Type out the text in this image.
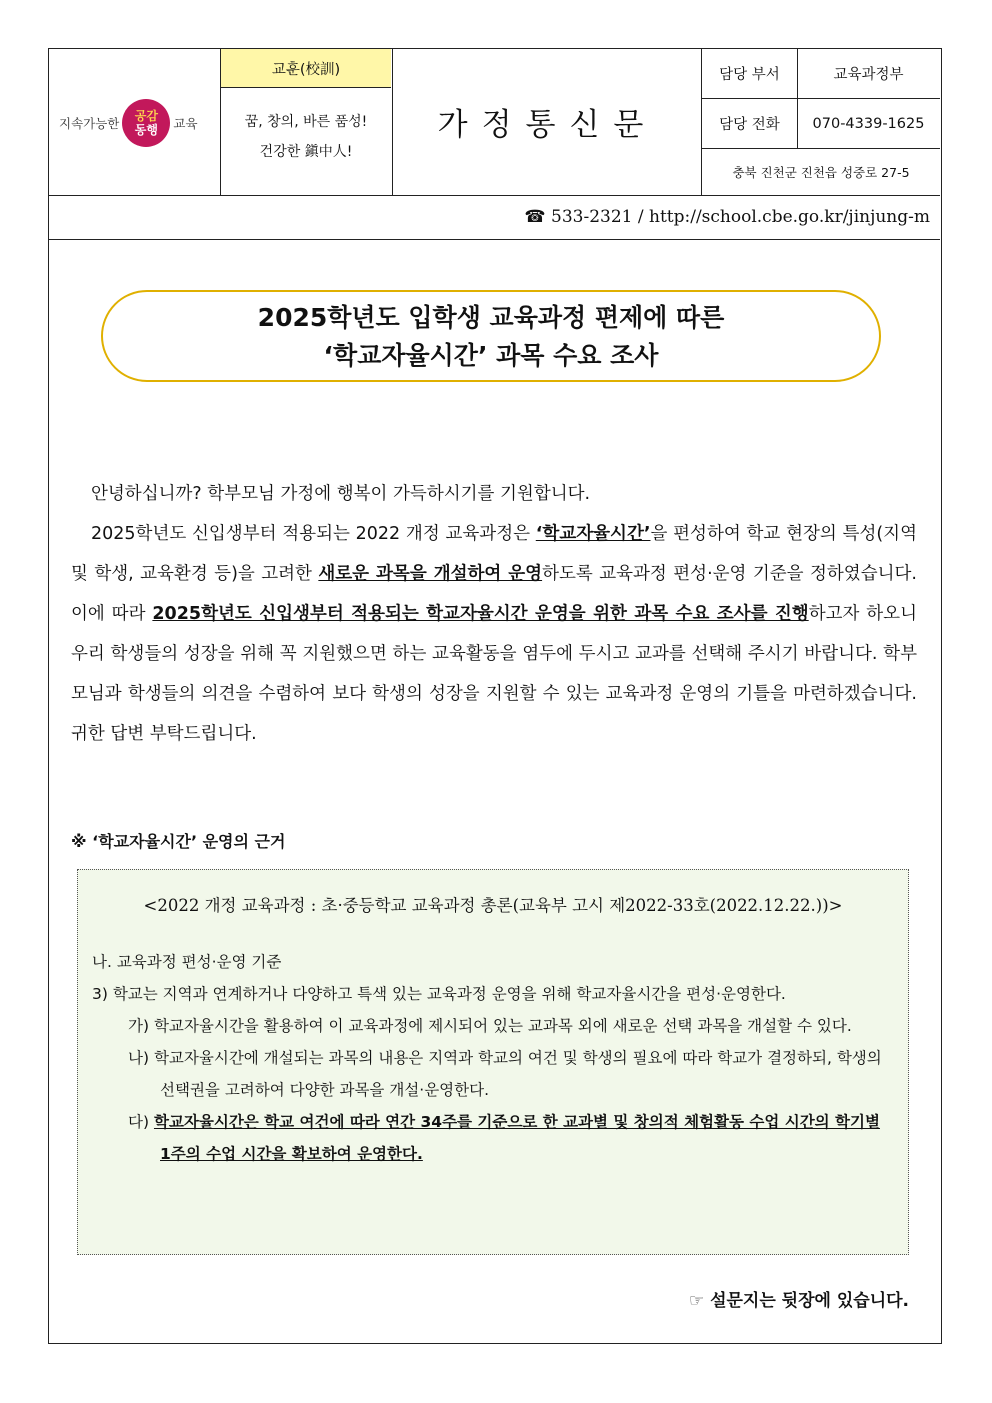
지속가능한 공감
동행 교육
교훈(校訓)
꿈, 창의, 바른 품성!
건강한 鎭中人!
가정통신문
담당 부서	교육과정부
담당 전화	070-4339-1625
충북 진천군 진천읍 성중로 27-5
☎ 533-2321 / http://school.cbe.go.kr/jinjung-m
2025학년도 입학생 교육과정 편제에 따른
‘학교자율시간’ 과목 수요 조사

안녕하십니까? 학부모님 가정에 행복이 가득하시기를 기원합니다.

2025학년도 신입생부터 적용되는 2022 개정 교육과정은 ‘학교자율시간’을 편성하여 학교 현장의 특성(지역 및 학생, 교육환경 등)을 고려한 새로운 과목을 개설하여 운영하도록 교육과정 편성·운영 기준을 정하였습니다. 이에 따라 2025학년도 신입생부터 적용되는 학교자율시간 운영을 위한 과목 수요 조사를 진행하고자 하오니 우리 학생들의 성장을 위해 꼭 지원했으면 하는 교육활동을 염두에 두시고 교과를 선택해 주시기 바랍니다. 학부모님과 학생들의 의견을 수렴하여 보다 학생의 성장을 지원할 수 있는 교육과정 운영의 기틀을 마련하겠습니다. 귀한 답변 부탁드립니다.

※ ‘학교자율시간’ 운영의 근거
<2022 개정 교육과정 : 초·중등학교 교육과정 총론(교육부 고시 제2022-33호(2022.12.22.))>
나. 교육과정 편성·운영 기준
3) 학교는 지역과 연계하거나 다양하고 특색 있는 교육과정 운영을 위해 학교자율시간을 편성·운영한다.
가) 학교자율시간을 활용하여 이 교육과정에 제시되어 있는 교과목 외에 새로운 선택 과목을 개설할 수 있다.
나) 학교자율시간에 개설되는 과목의 내용은 지역과 학교의 여건 및 학생의 필요에 따라 학교가 결정하되, 학생의 선택권을 고려하여 다양한 과목을 개설·운영한다.
다) 학교자율시간은 학교 여건에 따라 연간 34주를 기준으로 한 교과별 및 창의적 체험활동 수업 시간의 학기별 1주의 수업 시간을 확보하여 운영한다.
☞ 설문지는 뒷장에 있습니다.
